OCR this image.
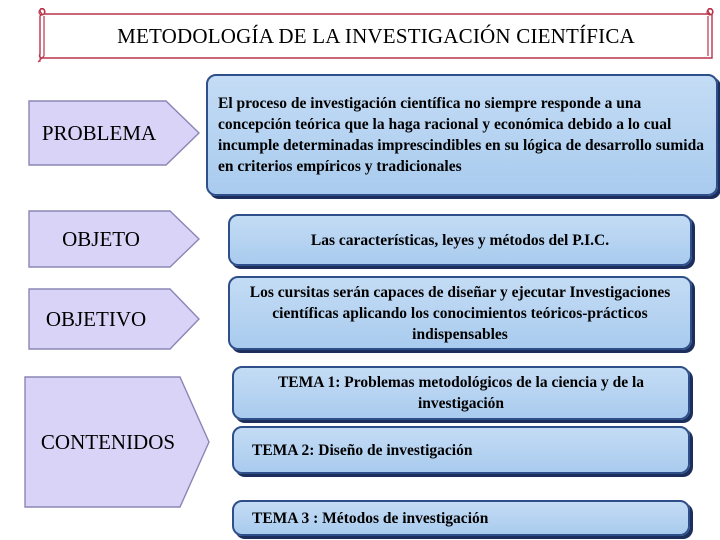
METODOLOGÍA DE LA INVESTIGACIÓN CIENTÍFICA
PROBLEMA
OBJETO
OBJETIVO
CONTENIDOS
El proceso de investigación científica no siempre responde a una concepción teórica que la haga racional y económica debido a lo cual incumple determinadas imprescindibles en su lógica de desarrollo sumida en criterios empíricos y tradicionales
Las características, leyes y métodos del P.I.C.
Los cursitas serán capaces de diseñar y ejecutar Investigaciones científicas aplicando los conocimientos teóricos-prácticos indispensables
TEMA 1: Problemas metodológicos de la ciencia y de la investigación
TEMA 2: Diseño de investigación
TEMA 3 : Métodos de investigación
